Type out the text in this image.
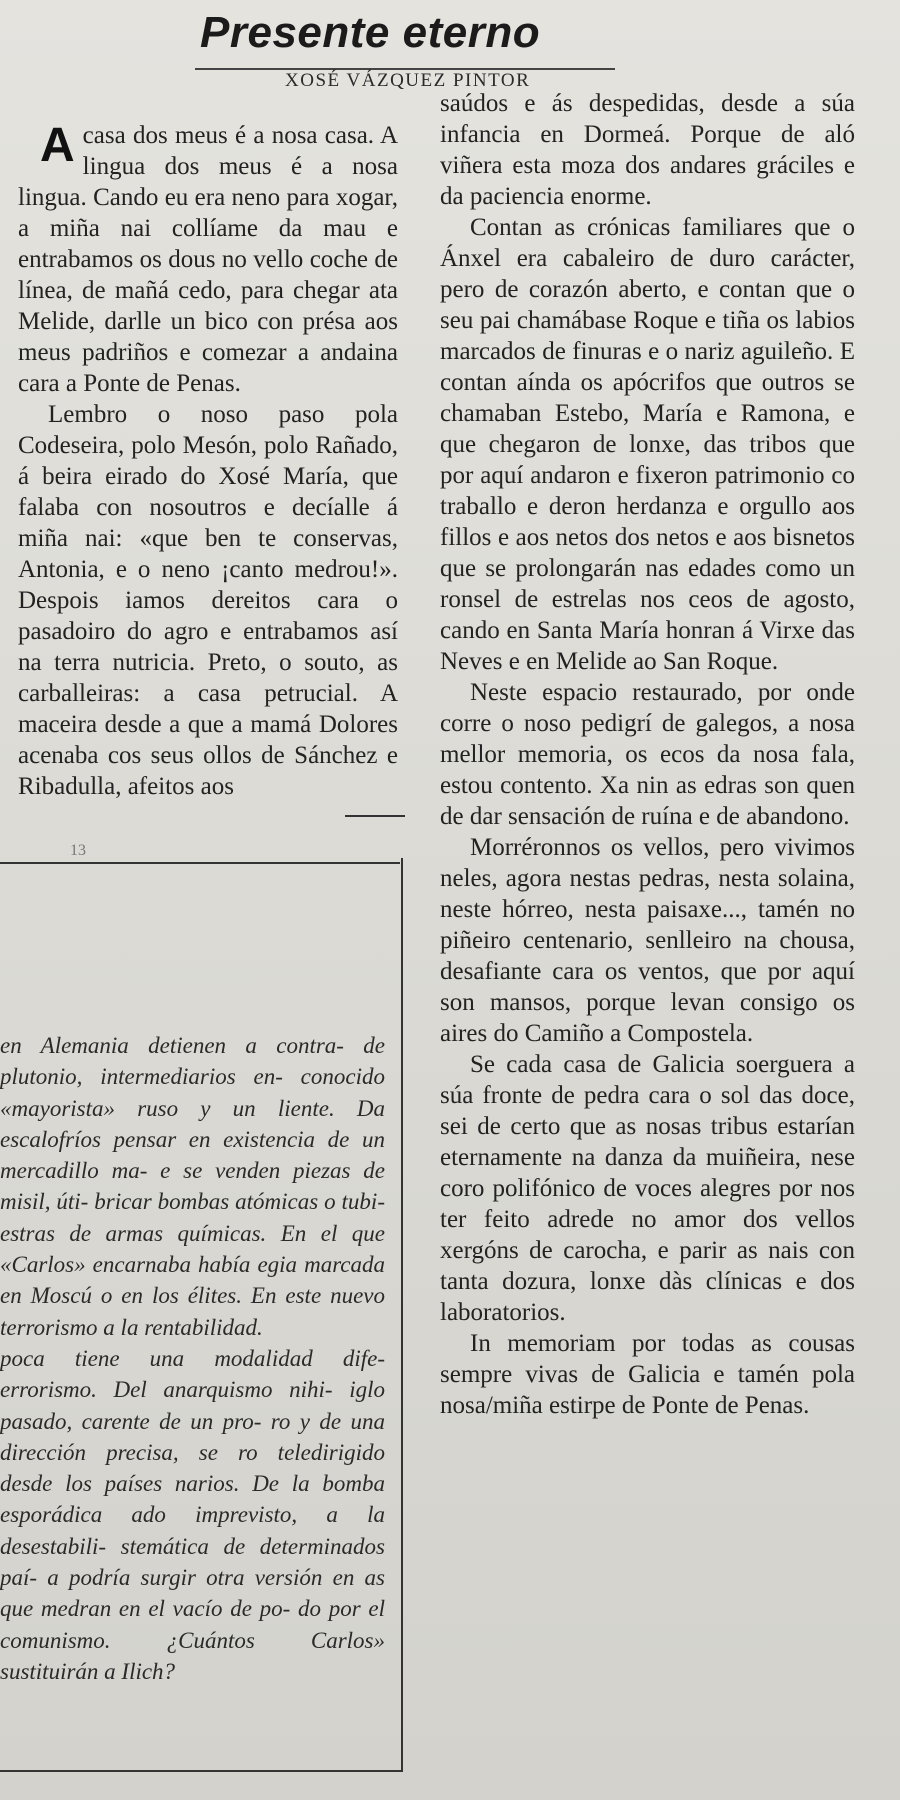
Presente eterno
XOSÉ VÁZQUEZ PINTOR

Acasa dos meus é a nosa casa. A lingua dos meus é a nosa lingua. Cando eu era neno para xogar, a miña nai collíame da mau e entrabamos os dous no vello coche de línea, de mañá cedo, para chegar ata Melide, darlle un bico con présa aos meus padriños e comezar a andaina cara a Ponte de Penas.

Lembro o noso paso pola Codeseira, polo Mesón, polo Rañado, á beira eirado do Xosé María, que falaba con nosoutros e decíalle á miña nai: «que ben te conservas, Antonia, e o neno ¡canto medrou!». Despois iamos dereitos cara o pasadoiro do agro e entrabamos así na terra nutricia. Preto, o souto, as carballeiras: a casa petrucial. A maceira desde a que a mamá Dolores acenaba cos seus ollos de Sánchez e Ribadulla, afeitos aos

saúdos e ás despedidas, desde a súa infancia en Dormeá. Porque de aló viñera esta moza dos andares gráciles e da paciencia enorme.

Contan as crónicas familiares que o Ánxel era cabaleiro de duro carácter, pero de corazón aberto, e contan que o seu pai chamábase Roque e tiña os labios marcados de finuras e o nariz aguileño. E contan aínda os apócrifos que outros se chamaban Estebo, María e Ramona, e que chegaron de lonxe, das tribos que por aquí andaron e fixeron patrimonio co traballo e deron herdanza e orgullo aos fillos e aos netos dos netos e aos bisnetos que se prolongarán nas edades como un ronsel de estrelas nos ceos de agosto, cando en Santa María honran á Virxe das Neves e en Melide ao San Roque.

Neste espacio restaurado, por onde corre o noso pedigrí de galegos, a nosa mellor memoria, os ecos da nosa fala, estou contento. Xa nin as edras son quen de dar sensación de ruína e de abandono.

Morréronnos os vellos, pero vivimos neles, agora nestas pedras, nesta solaina, neste hórreo, nesta paisaxe..., tamén no piñeiro centenario, senlleiro na chousa, desafiante cara os ventos, que por aquí son mansos, porque levan consigo os aires do Camiño a Compostela.

Se cada casa de Galicia soerguera a súa fronte de pedra cara o sol das doce, sei de certo que as nosas tribus estarían eternamente na danza da muiñeira, nese coro polifónico de voces alegres por nos ter feito adrede no amor dos vellos xergóns de carocha, e parir as nais con tanta dozura, lonxe dàs clínicas e dos laboratorios.

In memoriam por todas as cousas sempre vivas de Galicia e tamén pola nosa/miña estirpe de Ponte de Penas.

13

en Alemania detienen a contra- de plutonio, intermediarios en- conocido «mayorista» ruso y un liente. Da escalofríos pensar en existencia de un mercadillo ma- e se venden piezas de misil, úti- bricar bombas atómicas o tubi- estras de armas químicas. En el que «Carlos» encarnaba había egia marcada en Moscú o en los élites. En este nuevo terrorismo a la rentabilidad.

poca tiene una modalidad dife- errorismo. Del anarquismo nihi- iglo pasado, carente de un pro- ro y de una dirección precisa, se ro teledirigido desde los países narios. De la bomba esporádica ado imprevisto, a la desestabili- stemática de determinados paí- a podría surgir otra versión en as que medran en el vacío de po- do por el comunismo. ¿Cuántos Carlos» sustituirán a Ilich?
